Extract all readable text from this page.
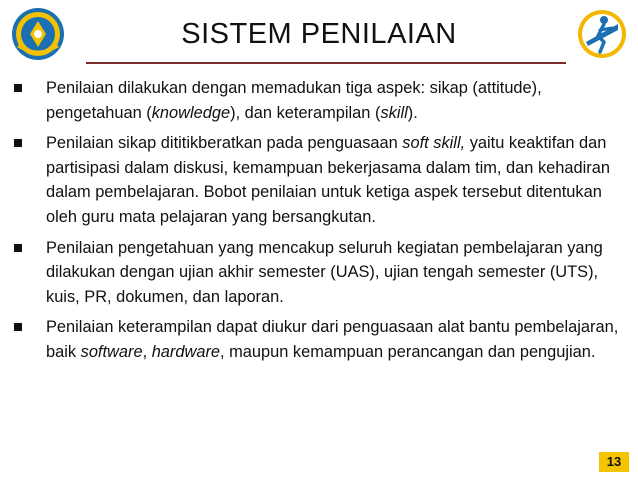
SISTEM PENILAIAN
Penilaian dilakukan dengan memadukan tiga aspek: sikap (attitude), pengetahuan (knowledge), dan keterampilan (skill).
Penilaian sikap dititikberatkan pada penguasaan soft skill, yaitu keaktifan dan partisipasi dalam diskusi, kemampuan bekerjasama dalam tim, dan kehadiran dalam pembelajaran. Bobot penilaian untuk ketiga aspek tersebut ditentukan oleh guru mata pelajaran yang bersangkutan.
Penilaian pengetahuan yang mencakup seluruh kegiatan pembelajaran yang dilakukan dengan ujian akhir semester (UAS), ujian tengah semester (UTS), kuis, PR, dokumen, dan laporan.
Penilaian keterampilan dapat diukur dari penguasaan alat bantu pembelajaran, baik software, hardware, maupun kemampuan perancangan dan pengujian.
13
